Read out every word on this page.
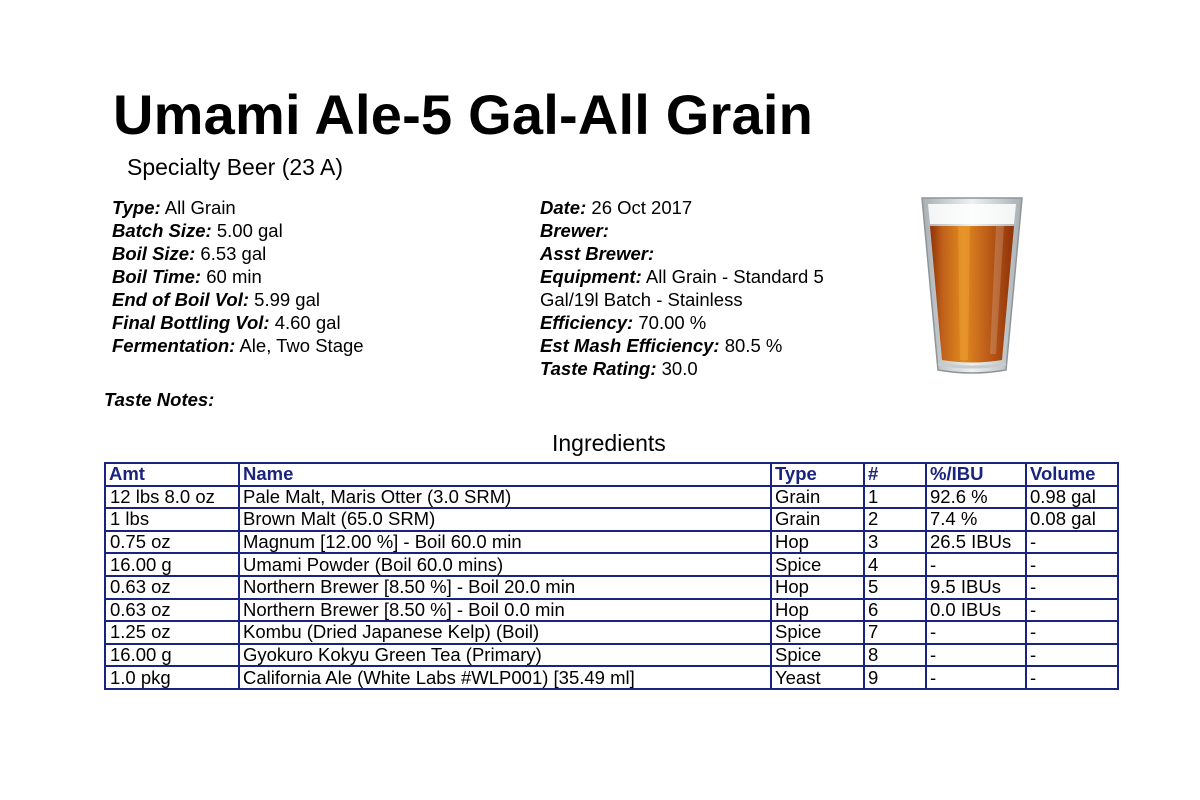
Umami Ale-5 Gal-All Grain
Specialty Beer (23 A)
Type: All Grain
Batch Size: 5.00 gal
Boil Size: 6.53 gal
Boil Time: 60 min
End of Boil Vol: 5.99 gal
Final Bottling Vol: 4.60 gal
Fermentation: Ale, Two Stage
Date: 26 Oct 2017
Brewer:
Asst Brewer:
Equipment: All Grain - Standard 5
Gal/19l Batch - Stainless
Efficiency: 70.00 %
Est Mash Efficiency: 80.5 %
Taste Rating: 30.0
Taste Notes:
Ingredients
Amt	Name	Type	#	%/IBU	Volume
12 lbs 8.0 oz	Pale Malt, Maris Otter (3.0 SRM)	Grain	1	92.6 %	0.98 gal
1 lbs	Brown Malt (65.0 SRM)	Grain	2	7.4 %	0.08 gal
0.75 oz	Magnum [12.00 %] - Boil 60.0 min	Hop	3	26.5 IBUs	-
16.00 g	Umami Powder (Boil 60.0 mins)	Spice	4	-	-
0.63 oz	Northern Brewer [8.50 %] - Boil 20.0 min	Hop	5	9.5 IBUs	-
0.63 oz	Northern Brewer [8.50 %] - Boil 0.0 min	Hop	6	0.0 IBUs	-
1.25 oz	Kombu (Dried Japanese Kelp) (Boil)	Spice	7	-	-
16.00 g	Gyokuro Kokyu Green Tea (Primary)	Spice	8	-	-
1.0 pkg	California Ale (White Labs #WLP001) [35.49 ml]	Yeast	9	-	-
